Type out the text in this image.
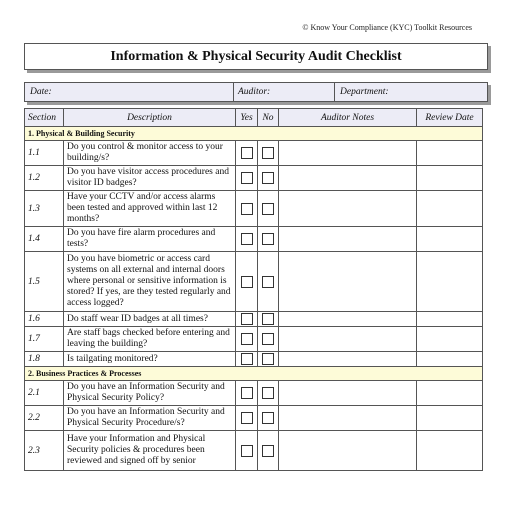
© Know Your Compliance (KYC) Toolkit Resources
Information & Physical Security Audit Checklist
Date:	Auditor:	Department:
Section	Description	Yes	No	Auditor Notes	Review Date
1. Physical & Building Security					
1.1	Do you control & monitor access to your building/s?				
1.2	Do you have visitor access procedures and visitor ID badges?				
1.3	Have your CCTV and/or access alarms been tested and approved within last 12 months?				
1.4	Do you have fire alarm procedures and tests?				
1.5	Do you have biometric or access card systems on all external and internal doors where personal or sensitive information is stored? If yes, are they tested regularly and access logged?				
1.6	Do staff wear ID badges at all times?				
1.7	Are staff bags checked before entering and leaving the building?				
1.8	Is tailgating monitored?				
2. Business Practices & Processes					
2.1	Do you have an Information Security and Physical Security Policy?				
2.2	Do you have an Information Security and Physical Security Procedure/s?				
2.3	Have your Information and Physical Security policies & procedures been reviewed and signed off by senior				
